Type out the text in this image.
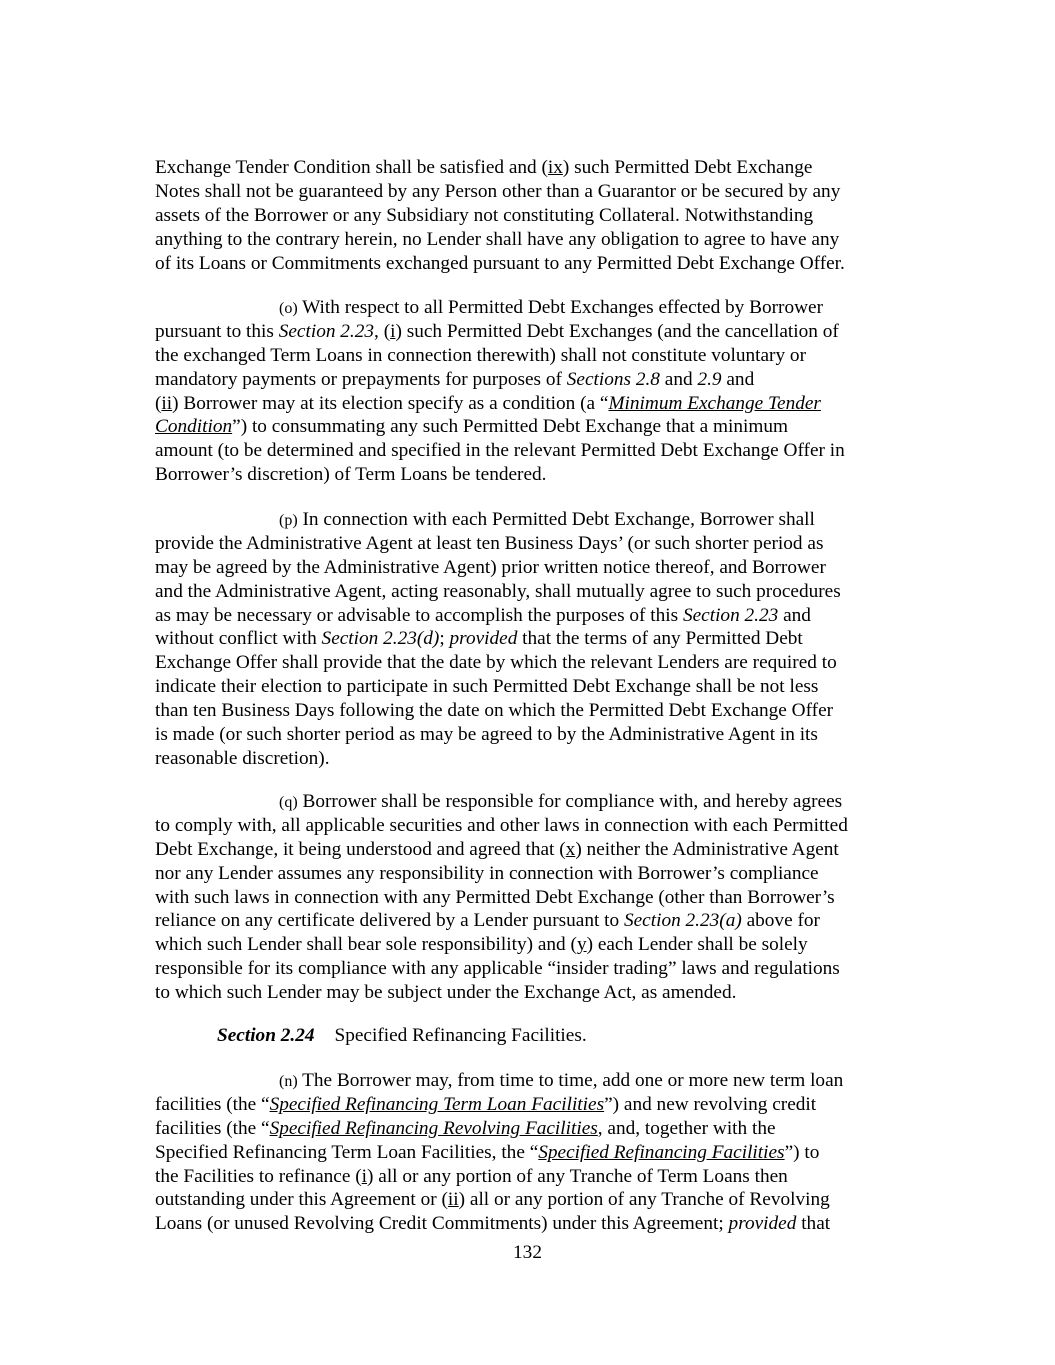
Exchange Tender Condition shall be satisfied and (ix) such Permitted Debt Exchange
Notes shall not be guaranteed by any Person other than a Guarantor or be secured by any
assets of the Borrower or any Subsidiary not constituting Collateral. Notwithstanding
anything to the contrary herein, no Lender shall have any obligation to agree to have any
of its Loans or Commitments exchanged pursuant to any Permitted Debt Exchange Offer.
(o) With respect to all Permitted Debt Exchanges effected by Borrower
pursuant to this Section 2.23, (i) such Permitted Debt Exchanges (and the cancellation of
the exchanged Term Loans in connection therewith) shall not constitute voluntary or
mandatory payments or prepayments for purposes of Sections 2.8 and 2.9 and
(ii) Borrower may at its election specify as a condition (a “Minimum Exchange Tender
Condition”) to consummating any such Permitted Debt Exchange that a minimum
amount (to be determined and specified in the relevant Permitted Debt Exchange Offer in
Borrower’s discretion) of Term Loans be tendered.
(p) In connection with each Permitted Debt Exchange, Borrower shall
provide the Administrative Agent at least ten Business Days’ (or such shorter period as
may be agreed by the Administrative Agent) prior written notice thereof, and Borrower
and the Administrative Agent, acting reasonably, shall mutually agree to such procedures
as may be necessary or advisable to accomplish the purposes of this Section 2.23 and
without conflict with Section 2.23(d); provided that the terms of any Permitted Debt
Exchange Offer shall provide that the date by which the relevant Lenders are required to
indicate their election to participate in such Permitted Debt Exchange shall be not less
than ten Business Days following the date on which the Permitted Debt Exchange Offer
is made (or such shorter period as may be agreed to by the Administrative Agent in its
reasonable discretion).
(q) Borrower shall be responsible for compliance with, and hereby agrees
to comply with, all applicable securities and other laws in connection with each Permitted
Debt Exchange, it being understood and agreed that (x) neither the Administrative Agent
nor any Lender assumes any responsibility in connection with Borrower’s compliance
with such laws in connection with any Permitted Debt Exchange (other than Borrower’s
reliance on any certificate delivered by a Lender pursuant to Section 2.23(a) above for
which such Lender shall bear sole responsibility) and (y) each Lender shall be solely
responsible for its compliance with any applicable “insider trading” laws and regulations
to which such Lender may be subject under the Exchange Act, as amended.
Section 2.24 Specified Refinancing Facilities.
(n) The Borrower may, from time to time, add one or more new term loan
facilities (the “Specified Refinancing Term Loan Facilities”) and new revolving credit
facilities (the “Specified Refinancing Revolving Facilities, and, together with the
Specified Refinancing Term Loan Facilities, the “Specified Refinancing Facilities”) to
the Facilities to refinance (i) all or any portion of any Tranche of Term Loans then
outstanding under this Agreement or (ii) all or any portion of any Tranche of Revolving
Loans (or unused Revolving Credit Commitments) under this Agreement; provided that
132
